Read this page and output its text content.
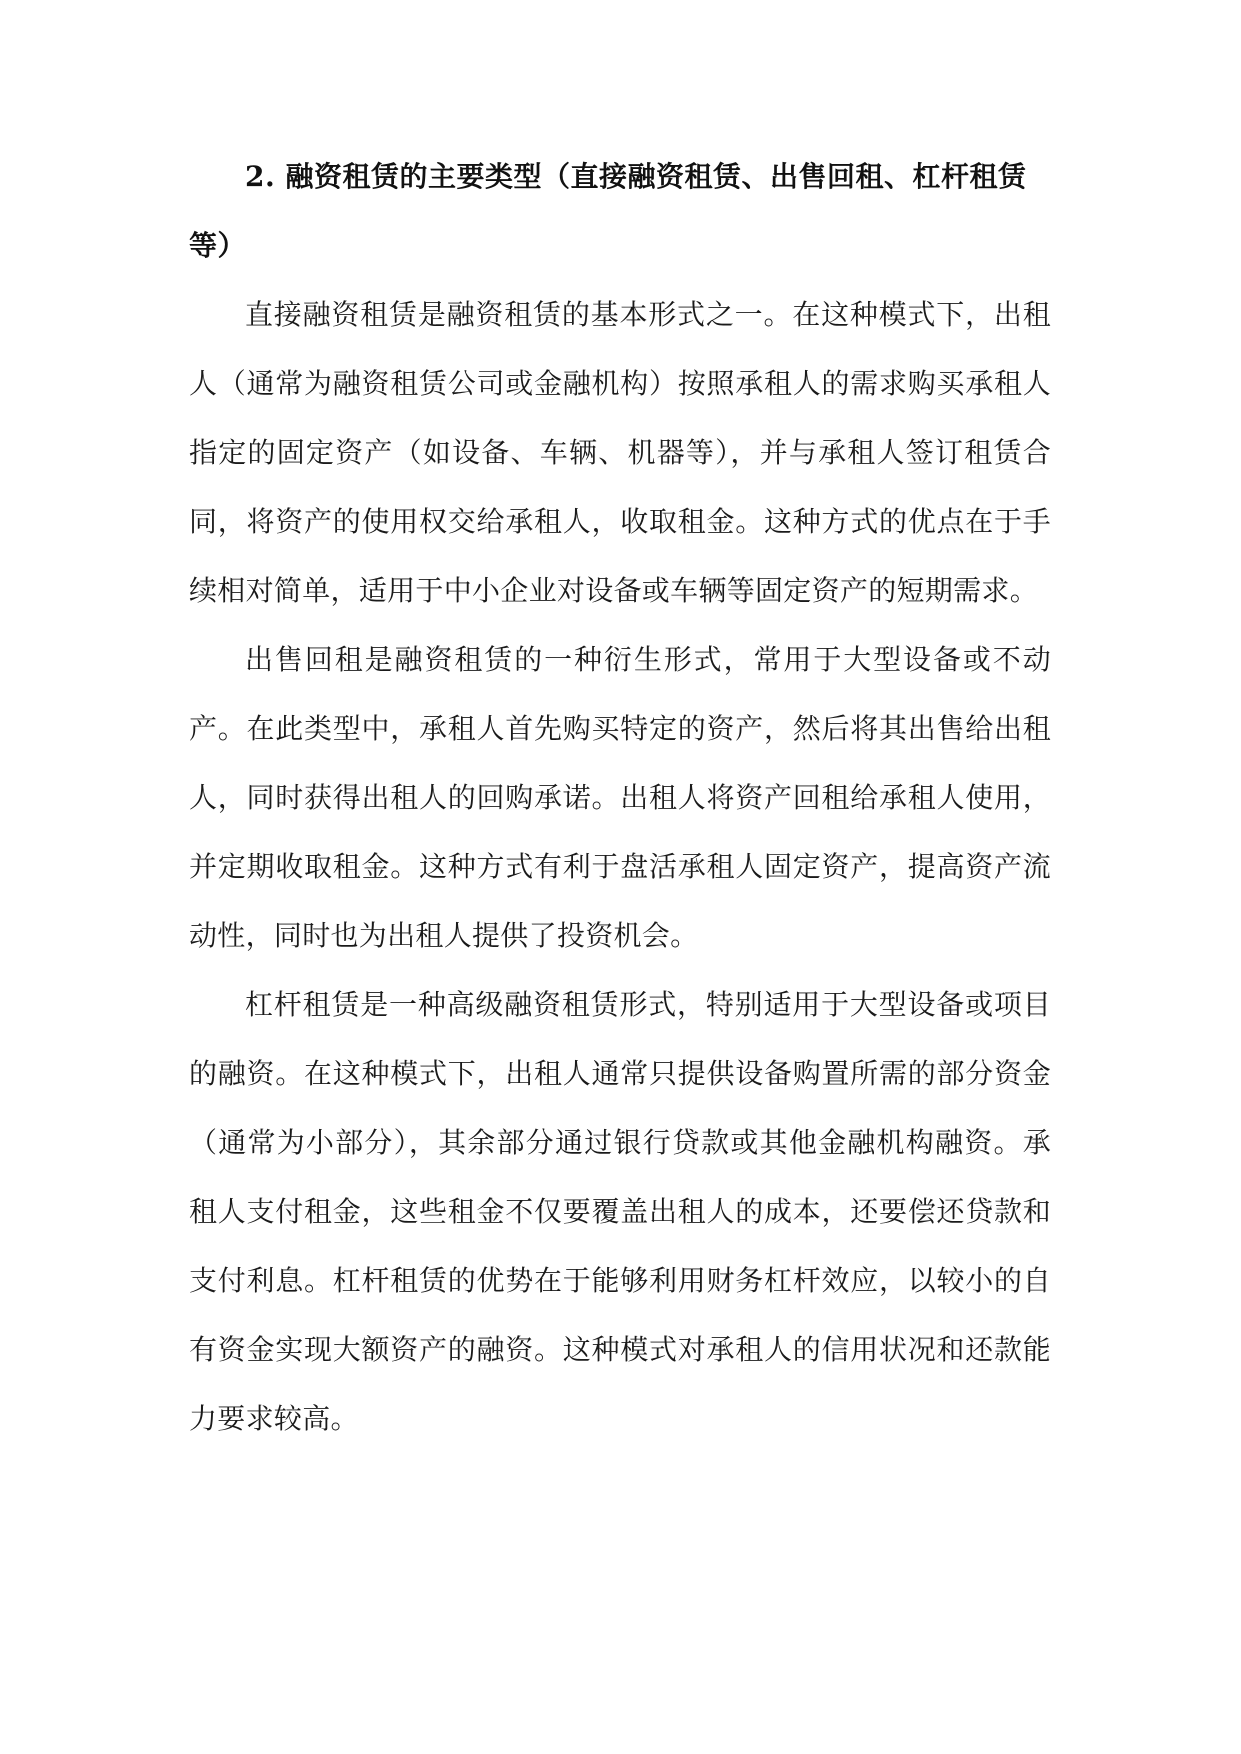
2. 融资租赁的主要类型（直接融资租赁、出售回租、杠杆租赁等）

直接融资租赁是融资租赁的基本形式之一。在这种模式下，出租人（通常为融资租赁公司或金融机构）按照承租人的需求购买承租人指定的固定资产（如设备、车辆、机器等），并与承租人签订租赁合同，将资产的使用权交给承租人，收取租金。这种方式的优点在于手续相对简单，适用于中小企业对设备或车辆等固定资产的短期需求。

出售回租是融资租赁的一种衍生形式，常用于大型设备或不动产。在此类型中，承租人首先购买特定的资产，然后将其出售给出租人，同时获得出租人的回购承诺。出租人将资产回租给承租人使用，并定期收取租金。这种方式有利于盘活承租人固定资产，提高资产流动性，同时也为出租人提供了投资机会。

杠杆租赁是一种高级融资租赁形式，特别适用于大型设备或项目的融资。在这种模式下，出租人通常只提供设备购置所需的部分资金（通常为小部分），其余部分通过银行贷款或其他金融机构融资。承租人支付租金，这些租金不仅要覆盖出租人的成本，还要偿还贷款和支付利息。杠杆租赁的优势在于能够利用财务杠杆效应，以较小的自有资金实现大额资产的融资。这种模式对承租人的信用状况和还款能力要求较高。
